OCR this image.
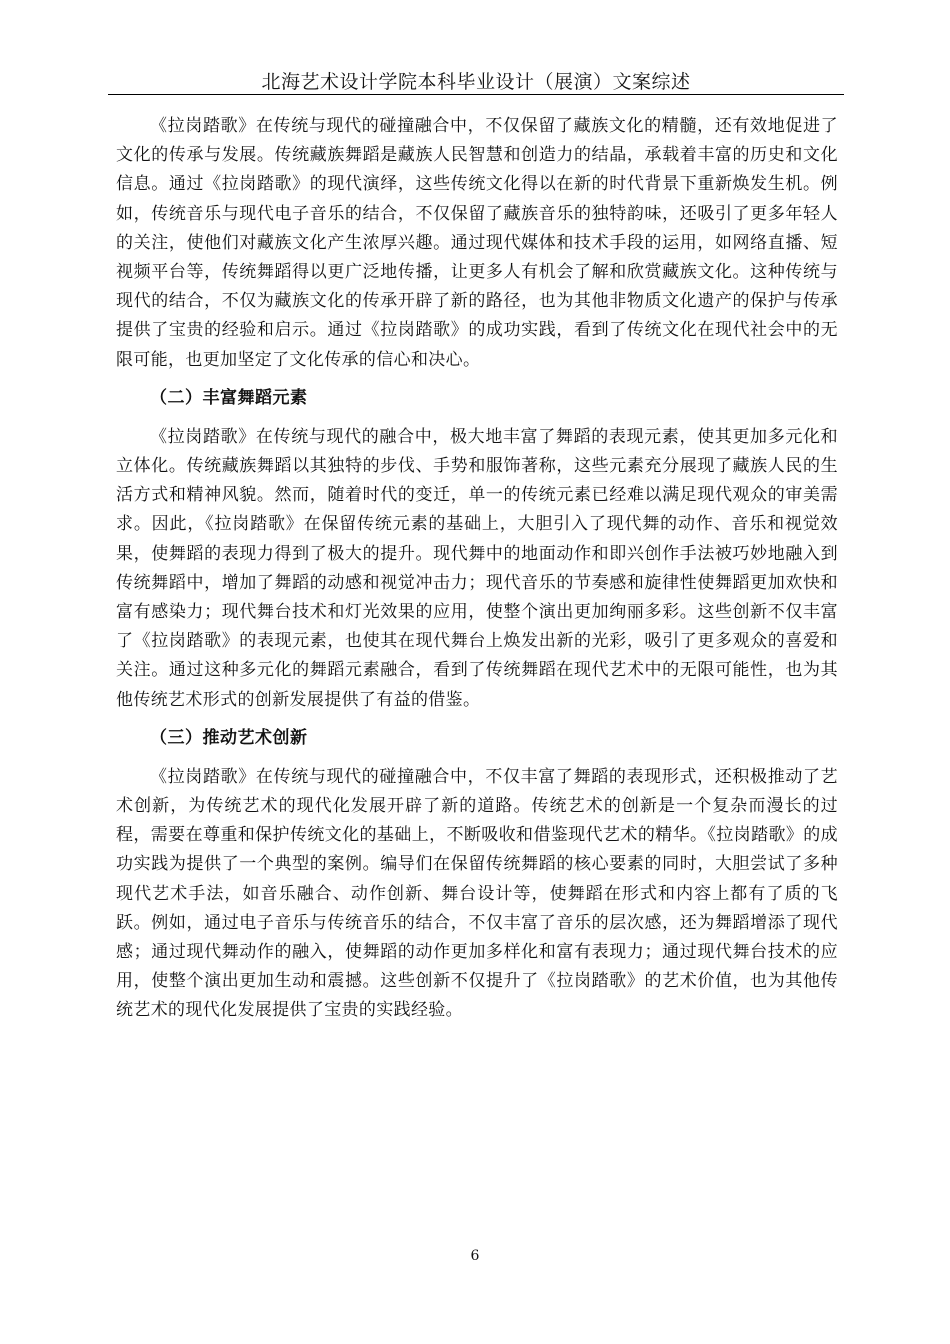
北海艺术设计学院本科毕业设计（展演）文案综述

《拉岗踏歌》在传统与现代的碰撞融合中，不仅保留了藏族文化的精髓，还有效地促进了文化的传承与发展。传统藏族舞蹈是藏族人民智慧和创造力的结晶，承载着丰富的历史和文化信息。通过《拉岗踏歌》的现代演绎，这些传统文化得以在新的时代背景下重新焕发生机。例如，传统音乐与现代电子音乐的结合，不仅保留了藏族音乐的独特韵味，还吸引了更多年轻人的关注，使他们对藏族文化产生浓厚兴趣。通过现代媒体和技术手段的运用，如网络直播、短视频平台等，传统舞蹈得以更广泛地传播，让更多人有机会了解和欣赏藏族文化。这种传统与现代的结合，不仅为藏族文化的传承开辟了新的路径，也为其他非物质文化遗产的保护与传承提供了宝贵的经验和启示。通过《拉岗踏歌》的成功实践，看到了传统文化在现代社会中的无限可能，也更加坚定了文化传承的信心和决心。

（二）丰富舞蹈元素

《拉岗踏歌》在传统与现代的融合中，极大地丰富了舞蹈的表现元素，使其更加多元化和立体化。传统藏族舞蹈以其独特的步伐、手势和服饰著称，这些元素充分展现了藏族人民的生活方式和精神风貌。然而，随着时代的变迁，单一的传统元素已经难以满足现代观众的审美需求。因此，《拉岗踏歌》在保留传统元素的基础上，大胆引入了现代舞的动作、音乐和视觉效果，使舞蹈的表现力得到了极大的提升。现代舞中的地面动作和即兴创作手法被巧妙地融入到传统舞蹈中，增加了舞蹈的动感和视觉冲击力；现代音乐的节奏感和旋律性使舞蹈更加欢快和富有感染力；现代舞台技术和灯光效果的应用，使整个演出更加绚丽多彩。这些创新不仅丰富了《拉岗踏歌》的表现元素，也使其在现代舞台上焕发出新的光彩，吸引了更多观众的喜爱和关注。通过这种多元化的舞蹈元素融合，看到了传统舞蹈在现代艺术中的无限可能性，也为其他传统艺术形式的创新发展提供了有益的借鉴。

（三）推动艺术创新

《拉岗踏歌》在传统与现代的碰撞融合中，不仅丰富了舞蹈的表现形式，还积极推动了艺术创新，为传统艺术的现代化发展开辟了新的道路。传统艺术的创新是一个复杂而漫长的过程，需要在尊重和保护传统文化的基础上，不断吸收和借鉴现代艺术的精华。《拉岗踏歌》的成功实践为提供了一个典型的案例。编导们在保留传统舞蹈的核心要素的同时，大胆尝试了多种现代艺术手法，如音乐融合、动作创新、舞台设计等，使舞蹈在形式和内容上都有了质的飞跃。例如，通过电子音乐与传统音乐的结合，不仅丰富了音乐的层次感，还为舞蹈增添了现代感；通过现代舞动作的融入，使舞蹈的动作更加多样化和富有表现力；通过现代舞台技术的应用，使整个演出更加生动和震撼。这些创新不仅提升了《拉岗踏歌》的艺术价值，也为其他传统艺术的现代化发展提供了宝贵的实践经验。

6
